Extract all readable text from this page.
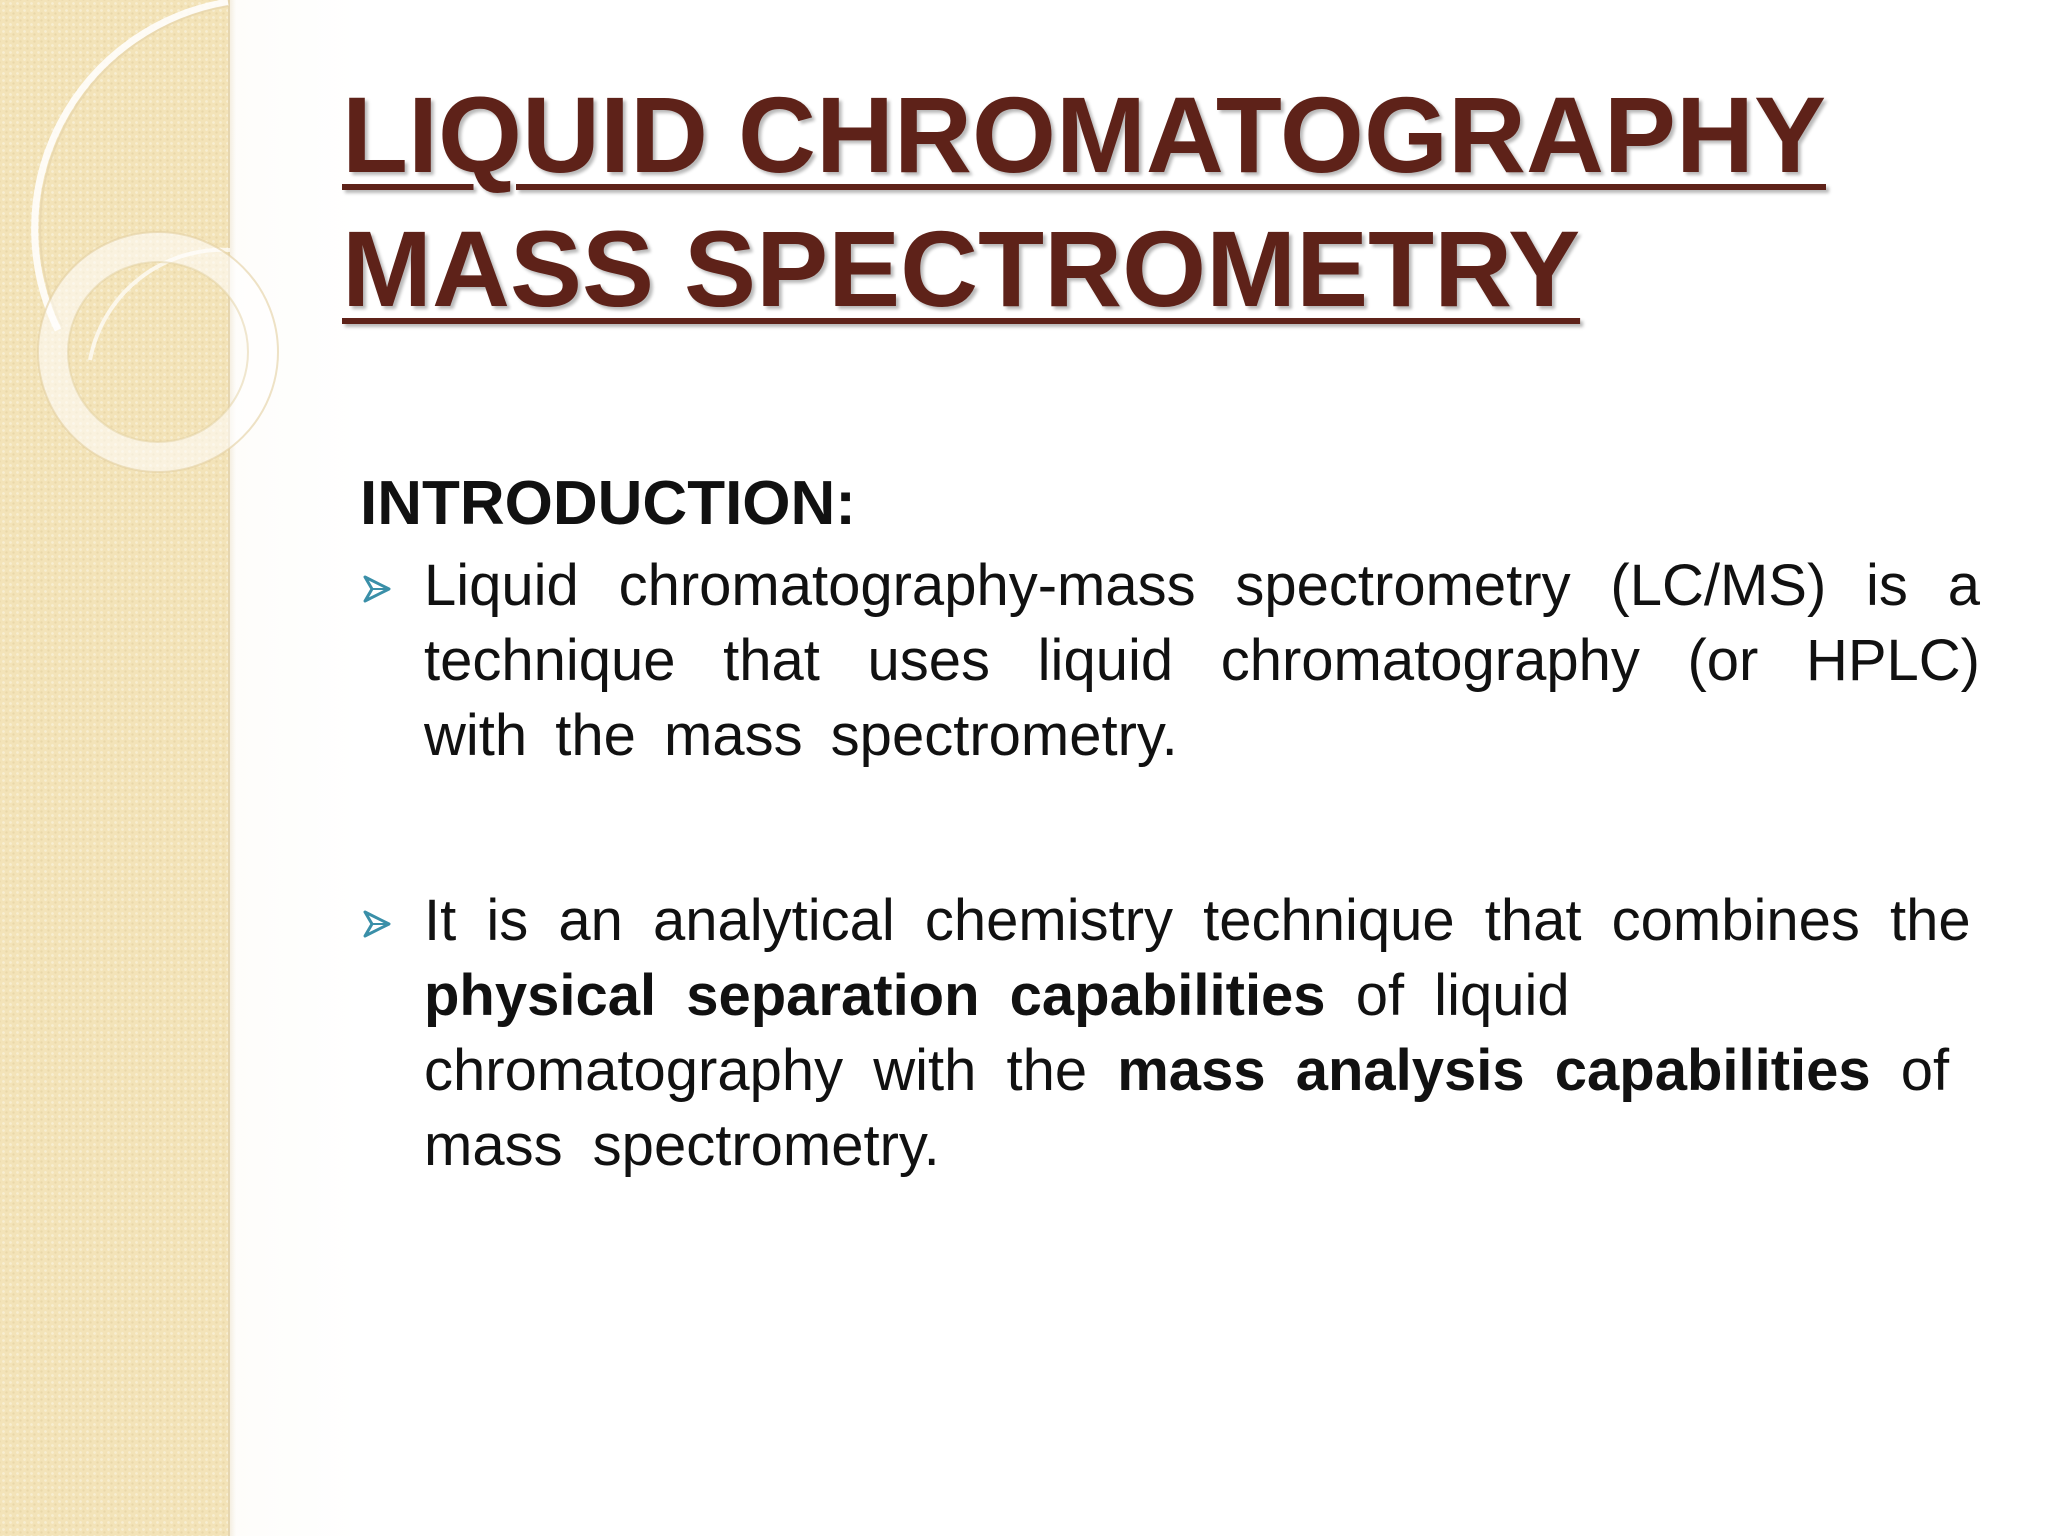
LIQUID CHROMATOGRAPHY
MASS SPECTROMETRY
INTRODUCTION:
Liquid chromatography-mass spectrometry (LC/MS) is a technique that uses liquid chromatography (or HPLC) with the mass spectrometry.
It is an analytical chemistry technique that combines the physical separation capabilities of liquid chromatography with the mass analysis capabilities of mass spectrometry.
